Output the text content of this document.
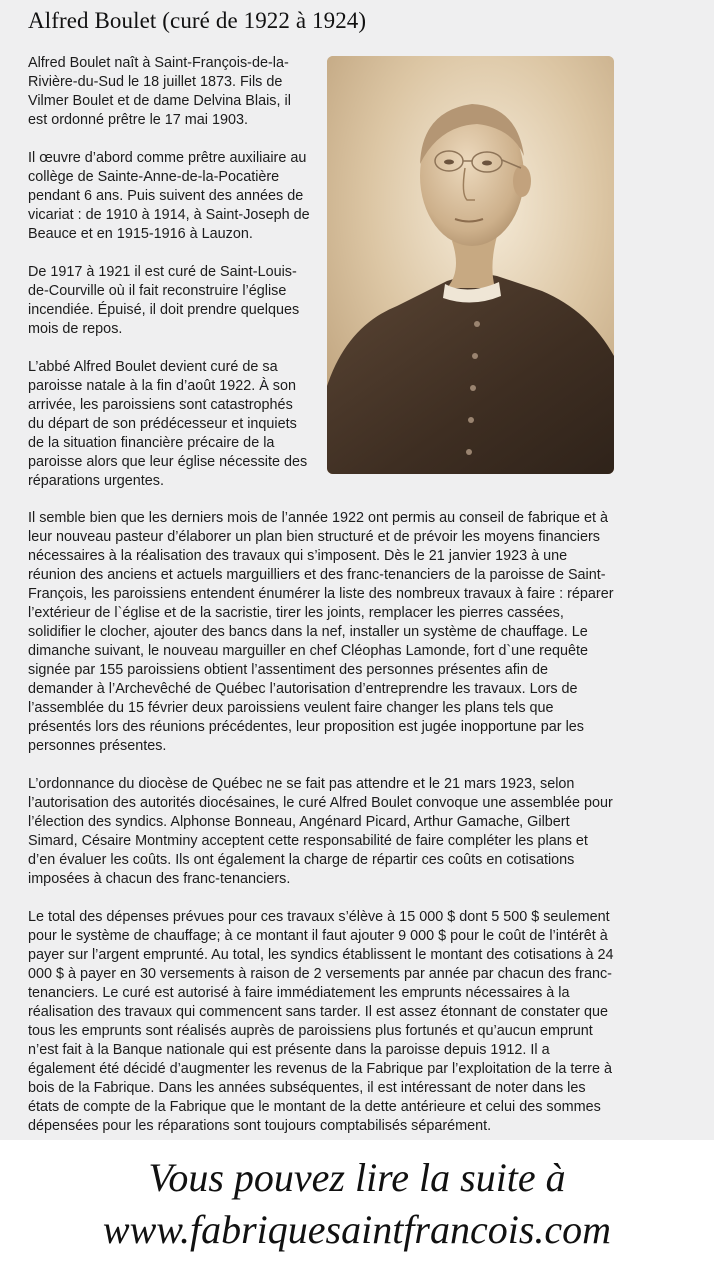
Alfred Boulet (curé de 1922 à 1924)

Alfred Boulet naît à Saint-François-de-la-Rivière-du-Sud le 18 juillet 1873. Fils de Vilmer Boulet et de dame Delvina Blais, il est ordonné prêtre le 17 mai 1903.

Il œuvre d’abord comme prêtre auxiliaire au collège de Sainte-Anne-de-la-Pocatière pendant 6 ans. Puis suivent des années de vicariat : de 1910 à 1914, à Saint-Joseph de Beauce et en 1915-1916 à Lauzon.

De 1917 à 1921 il est curé de Saint-Louis-de-Courville où il fait reconstruire l’église incendiée. Épuisé, il doit prendre quelques mois de repos.

L’abbé Alfred Boulet devient curé de sa paroisse natale à la fin d’août 1922. À son arrivée, les paroissiens sont catastrophés du départ de son prédécesseur et inquiets de la situation financière précaire de la paroisse alors que leur église nécessite des réparations urgentes.

Il semble bien que les derniers mois de l’année 1922 ont permis au conseil de fabrique et à leur nouveau pasteur d’élaborer un plan bien structuré et de prévoir les moyens financiers nécessaires à la réalisation des travaux qui s’imposent. Dès le 21 janvier 1923 à une réunion des anciens et actuels marguilliers et des franc-tenanciers de la paroisse de Saint-François, les paroissiens entendent énumérer la liste des nombreux travaux à faire : réparer l’extérieur de l`église et de la sacristie, tirer les joints, remplacer les pierres cassées, solidifier le clocher, ajouter des bancs dans la nef, installer un système de chauffage. Le dimanche suivant, le nouveau marguiller en chef Cléophas Lamonde, fort d`une requête signée par 155 paroissiens obtient l’assentiment des personnes présentes afin de demander à l’Archevêché de Québec l’autorisation d’entreprendre les travaux. Lors de l’assemblée du 15 février deux paroissiens veulent faire changer les plans tels que présentés lors des réunions précédentes, leur proposition est jugée inopportune par les personnes présentes.

L’ordonnance du diocèse de Québec ne se fait pas attendre et le 21 mars 1923, selon l’autorisation des autorités diocésaines, le curé Alfred Boulet convoque une assemblée pour l’élection des syndics. Alphonse Bonneau, Angénard Picard, Arthur Gamache, Gilbert Simard, Césaire Montminy acceptent cette responsabilité de faire compléter les plans et d’en évaluer les coûts. Ils ont également la charge de répartir ces coûts en cotisations imposées à chacun des franc-tenanciers.

Le total des dépenses prévues pour ces travaux s’élève à 15 000 $ dont 5 500 $ seulement pour le système de chauffage; à ce montant il faut ajouter 9 000 $ pour le coût de l’intérêt à payer sur l’argent emprunté. Au total, les syndics établissent le montant des cotisations à 24 000 $ à payer en 30 versements à raison de 2 versements par année par chacun des franc-tenanciers. Le curé est autorisé à faire immédiatement les emprunts nécessaires à la réalisation des travaux qui commencent sans tarder. Il est assez étonnant de constater que tous les emprunts sont réalisés auprès de paroissiens plus fortunés et qu’aucun emprunt n’est fait à la Banque nationale qui est présente dans la paroisse depuis 1912. Il a également été décidé d’augmenter les revenus de la Fabrique par l’exploitation de la terre à bois de la Fabrique. Dans les années subséquentes, il est intéressant de noter dans les états de compte de la Fabrique que le montant de la dette antérieure et celui des sommes dépensées pour les réparations sont toujours comptabilisés séparément.

Vous pouvez lire la suite à
www.fabriquesaintfrancois.com
